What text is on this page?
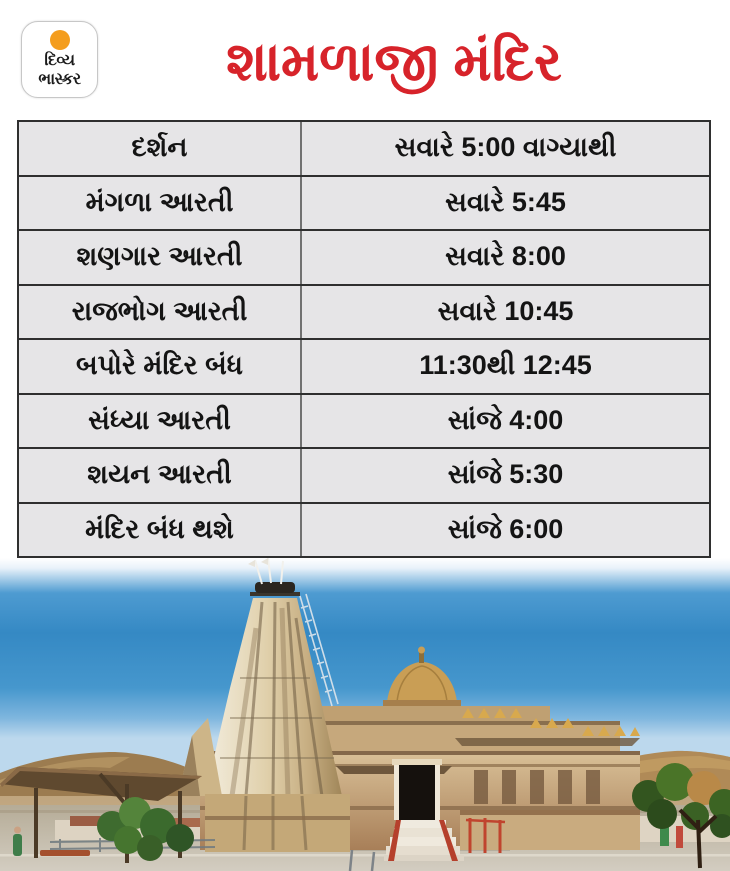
દિવ્ય
ભાસ્કર	શામળાજી મંદિર
દર્શન	સવારે 5:00 વાગ્યાથી
મંગળા આરતી	સવારે 5:45
શણગાર આરતી	સવારે 8:00
રાજભોગ આરતી	સવારે 10:45
બપોરે મંદિર બંધ	11:30થી 12:45
સંધ્યા આરતી	સાંજે 4:00
શયન આરતી	સાંજે 5:30
મંદિર બંધ થશે	સાંજે 6:00
